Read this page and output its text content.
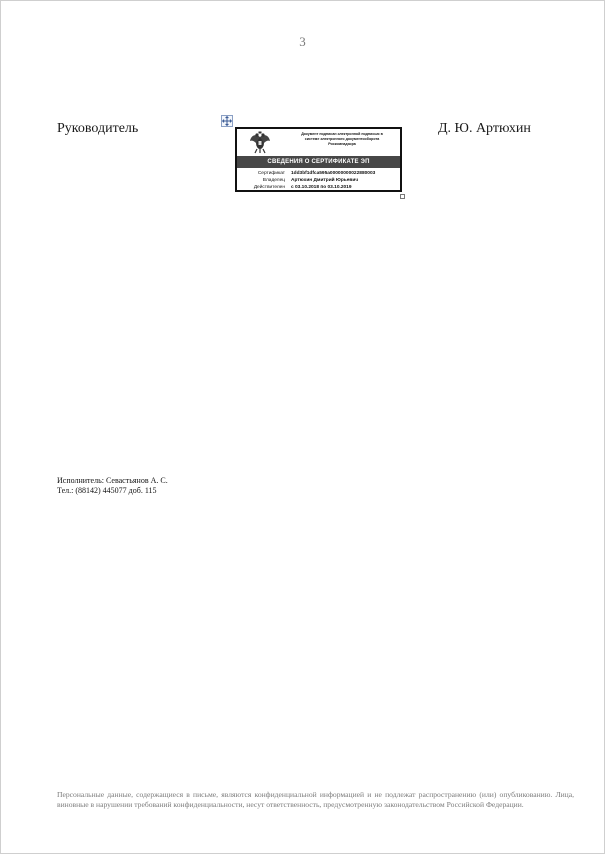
3
Руководитель	Д. Ю. Артюхин
Документ подписан электронной подписью в
системе электронного документооборота
Роскомнадзора
СВЕДЕНИЯ О СЕРТИФИКАТЕ ЭП
Сертификат 1dd3bf1dfca595a00000000022880003
Владелец Артюхин Дмитрий Юрьевич
Действителен с 03.10.2018 по 03.10.2019
Исполнитель: Севастьянов А. С.
Тел.: (88142) 445077 доб. 115
Персональные данные, содержащиеся в письме, являются конфиденциальной информацией и не подлежат распространению (или) опубликованию. Лица, виновные в нарушении требований конфиденциальности, несут ответственность, предусмотренную законодательством Российской Федерации.
